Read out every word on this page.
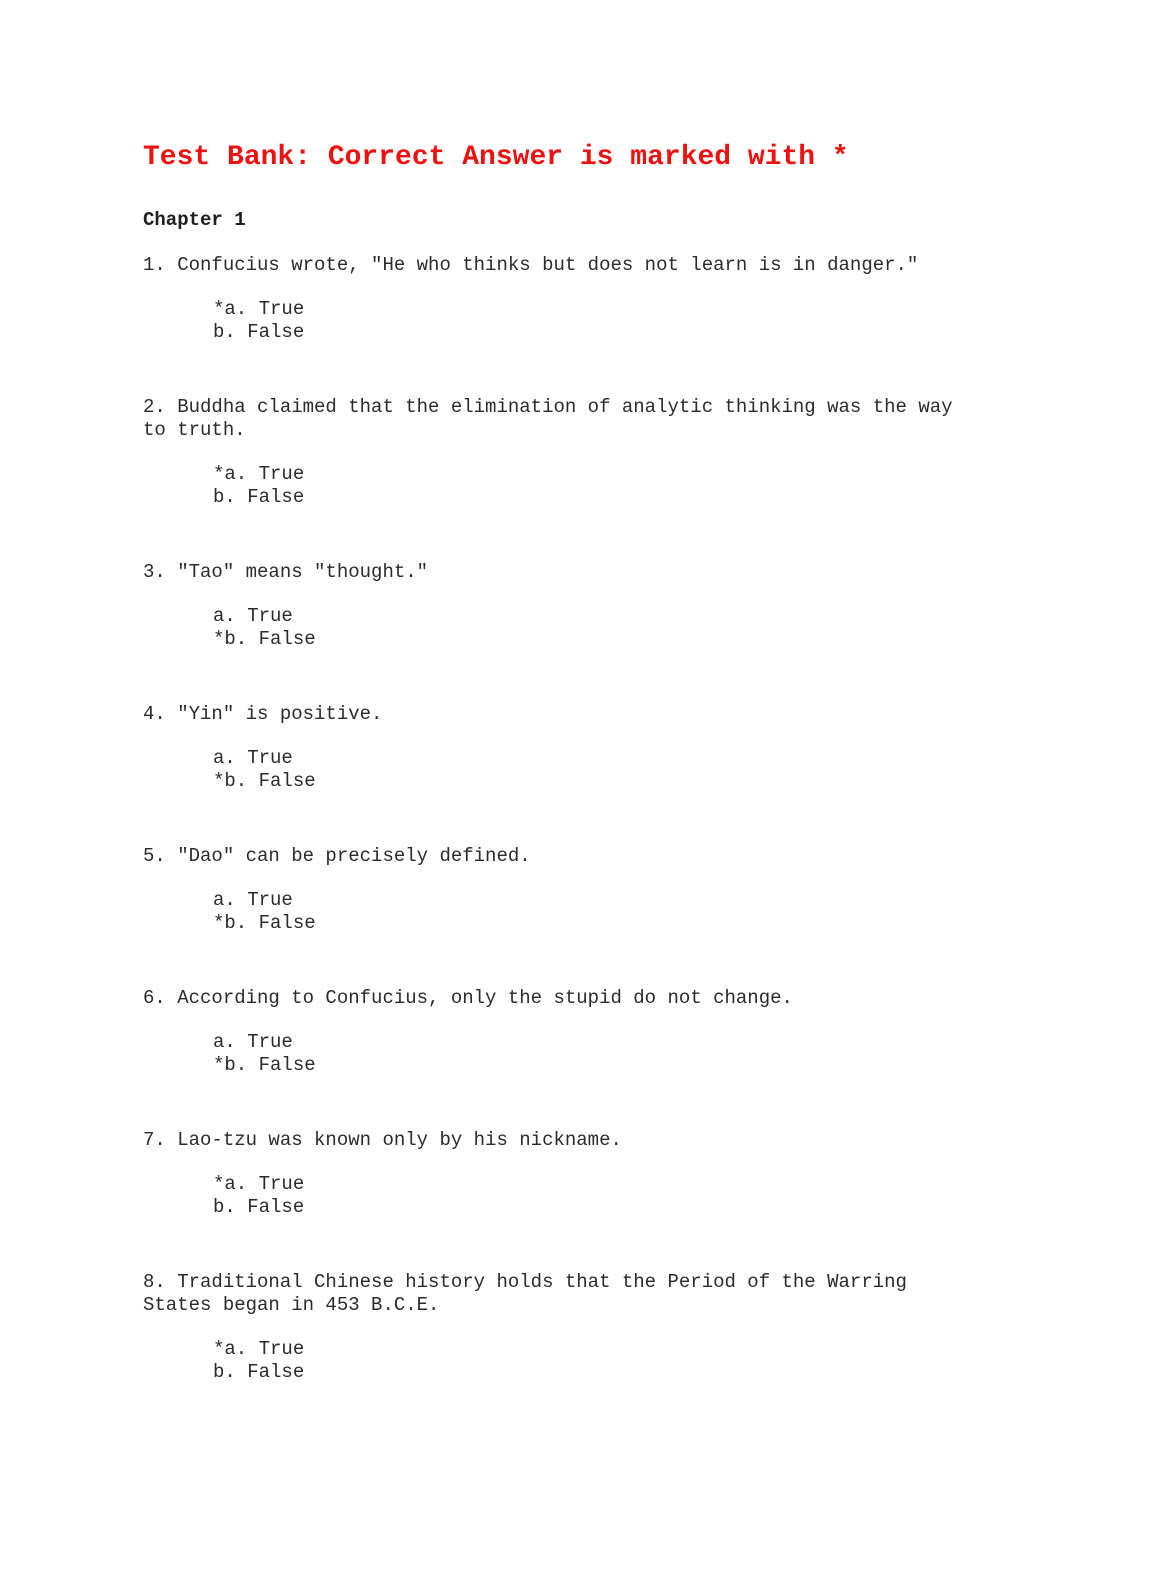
Test Bank: Correct Answer is marked with *
Chapter 1

1. Confucius wrote, "He who thinks but does not learn is in danger."

*a. True
b. False

2. Buddha claimed that the elimination of analytic thinking was the way
to truth.

*a. True
b. False

3. "Tao" means "thought."

a. True
*b. False

4. "Yin" is positive.

a. True
*b. False

5. "Dao" can be precisely defined.

a. True
*b. False

6. According to Confucius, only the stupid do not change.

a. True
*b. False

7. Lao-tzu was known only by his nickname.

*a. True
b. False

8. Traditional Chinese history holds that the Period of the Warring
States began in 453 B.C.E.

*a. True
b. False
